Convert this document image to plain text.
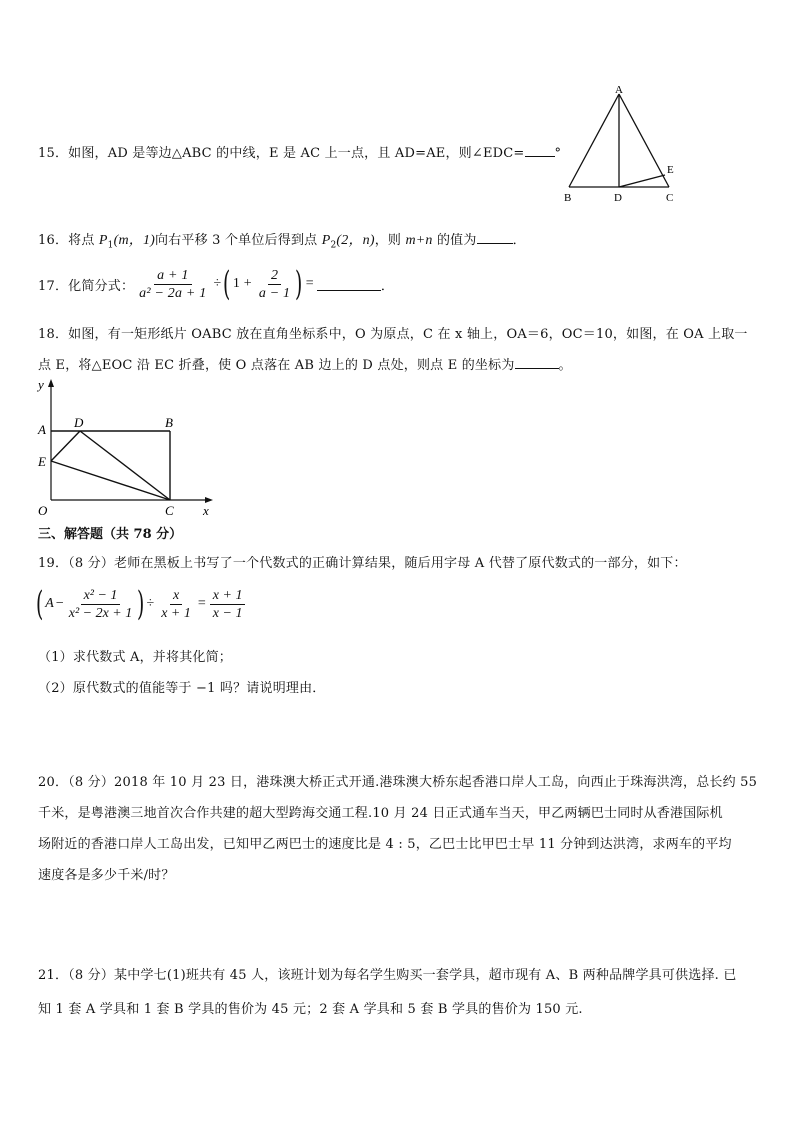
15．如图，AD 是等边△ABC 的中线，E 是 AC 上一点，且 AD=AE，则∠EDC= °
A
B	D	C
E
16．将点 $P_1(m$，1)向右平移 3 个单位后得到点 $P_2(2$，n)，则 m+n 的值为	．
17．化简分式： $\frac{a + 1}{\text{a² − 2a + 1}}$ ÷ ( $1 + \frac{2}{a - 1}$ ) =	．
18．如图，有一矩形纸片 OABC 放在直角坐标系中，O 为原点，C 在 x 轴上，OA＝6，OC＝10，如图，在 OA 上取一
点 E，将△EOC 沿 EC 折叠，使 O 点落在 AB 边上的 D 点处，则点 E 的坐标为	。
y
x
A D	B
E
O	C
三、解答题（共 78 分）
19．（8 分）老师在黑板上书写了一个代数式的正确计算结果，随后用字母 A 代替了原代数式的一部分，如下：
( $A - \frac{\text{x² − 1}}{\text{x² − 2x + 1}}$ ) ÷ $\frac{x}{x + 1} = \frac{x + 1}{x - 1}$
（1）求代数式 A，并将其化简；
（2）原代数式的值能等于 −1 吗？请说明理由．
20．（8 分）2018 年 10 月 23 日，港珠澳大桥正式开通.港珠澳大桥东起香港口岸人工岛，向西止于珠海洪湾，总长约 55
千米，是粤港澳三地首次合作共建的超大型跨海交通工程.10 月 24 日正式通车当天，甲乙两辆巴士同时从香港国际机
场附近的香港口岸人工岛出发，已知甲乙两巴士的速度比是 4 : 5，乙巴士比甲巴士早 11 分钟到达洪湾，求两车的平均
速度各是多少千米/时？
21．（8 分）某中学七(1)班共有 45 人，该班计划为每名学生购买一套学具，超市现有 A、B 两种品牌学具可供选择. 已
知 1 套 A 学具和 1 套 B 学具的售价为 45 元；2 套 A 学具和 5 套 B 学具的售价为 150 元.
